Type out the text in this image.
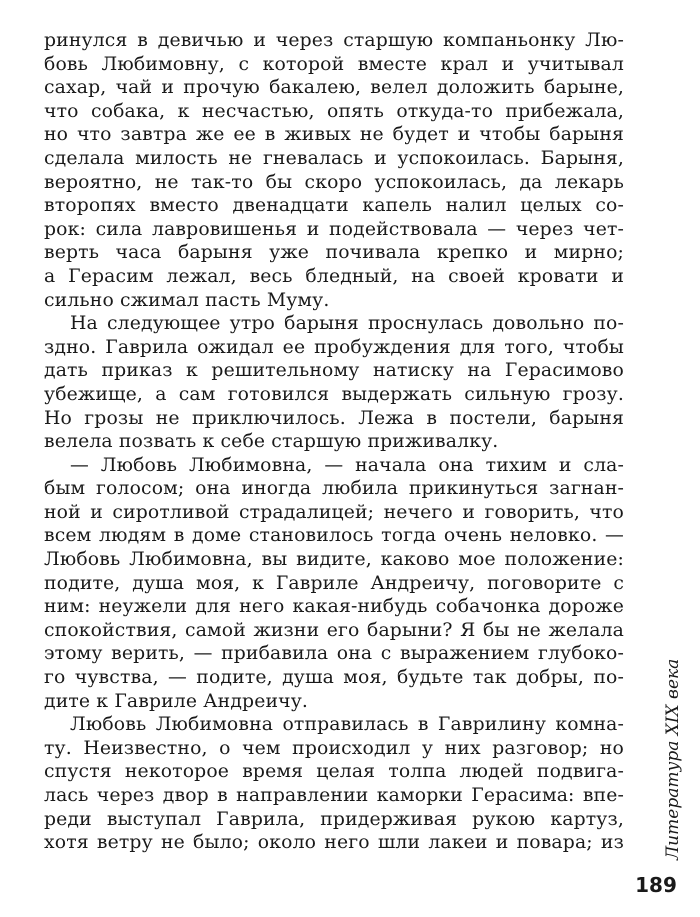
ринулся в девичью и через старшую компаньонку Лю-
бовь Любимовну, с которой вместе крал и учитывал
сахар, чай и прочую бакалею, велел доложить барыне,
что собака, к несчастью, опять откуда-то прибежала,
но что завтра же ее в живых не будет и чтобы барыня
сделала милость не гневалась и успокоилась. Барыня,
вероятно, не так-то бы скоро успокоилась, да лекарь
второпях вместо двенадцати капель налил целых со-
рок: сила лавровишенья и подействовала — через чет-
верть часа барыня уже почивала крепко и мирно;
а Герасим лежал, весь бледный, на своей кровати и
сильно сжимал пасть Муму.
На следующее утро барыня проснулась довольно по-
здно. Гаврила ожидал ее пробуждения для того, чтобы
дать приказ к решительному натиску на Герасимово
убежище, а сам готовился выдержать сильную грозу.
Но грозы не приключилось. Лежа в постели, барыня
велела позвать к себе старшую приживалку.
— Любовь Любимовна, — начала она тихим и сла-
бым голосом; она иногда любила прикинуться загнан-
ной и сиротливой страдалицей; нечего и говорить, что
всем людям в доме становилось тогда очень неловко. —
Любовь Любимовна, вы видите, каково мое положение:
подите, душа моя, к Гавриле Андреичу, поговорите с
ним: неужели для него какая-нибудь собачонка дороже
спокойствия, самой жизни его барыни? Я бы не желала
этому верить, — прибавила она с выражением глубоко-
го чувства, — подите, душа моя, будьте так добры, по-
дите к Гавриле Андреичу.
Любовь Любимовна отправилась в Гаврилину комна-
ту. Неизвестно, о чем происходил у них разговор; но
спустя некоторое время целая толпа людей подвига-
лась через двор в направлении каморки Герасима: впе-
реди выступал Гаврила, придерживая рукою картуз,
хотя ветру не было; около него шли лакеи и повара; из Литература XIX века
189
